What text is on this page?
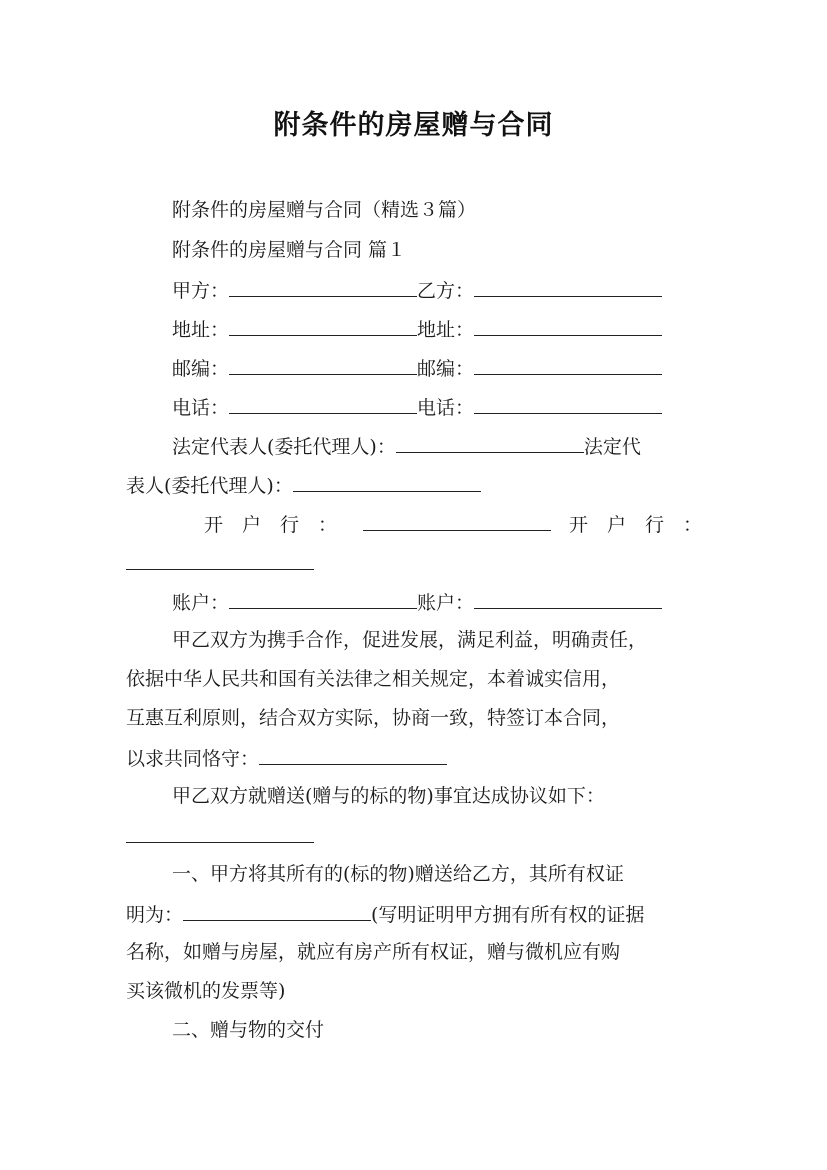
附条件的房屋赠与合同
附条件的房屋赠与合同（精选３篇）
附条件的房屋赠与合同 篇１
甲方：	乙方：
地址：	地址：
邮编：	邮编：
电话：	电话：
法定代表人(委托代理人)：	法定代
表人(委托代理人)：
开　户　行　：	开　户　行　：
账户：	账户：
甲乙双方为携手合作，促进发展，满足利益，明确责任，
依据中华人民共和国有关法律之相关规定，本着诚实信用，
互惠互利原则，结合双方实际，协商一致，特签订本合同，
以求共同恪守：
甲乙双方就赠送(赠与的标的物)事宜达成协议如下：
一、甲方将其所有的(标的物)赠送给乙方，其所有权证
明为：	(写明证明甲方拥有所有权的证据
名称，如赠与房屋，就应有房产所有权证，赠与微机应有购
买该微机的发票等)
二、赠与物的交付
